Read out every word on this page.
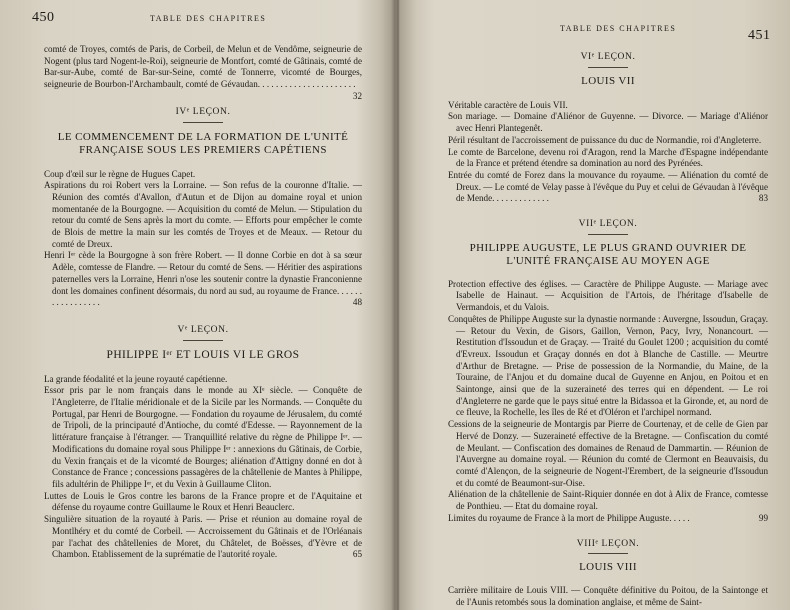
450	TABLE DES CHAPITRES

comté de Troyes, comtés de Paris, de Corbeil, de Melun et de Vendôme, seigneurie de Nogent (plus tard Nogent-le-Roi), seigneurie de Montfort, comté de Gâtinais, comté de Bar-sur-Aube, comté de Bar-sur-Seine, comté de Tonnerre, vicomté de Bourges, seigneurie de Bourbon-l'Archambault, comté de Gévaudan. . . . . . . . . . . . . . . . . . . . . .
32

IVᵉ LEÇON.

LE COMMENCEMENT DE LA FORMATION DE L'UNITÉ FRANÇAISE SOUS LES PREMIERS CAPÉTIENS

Coup d'œil sur le règne de Hugues Capet.

Aspirations du roi Robert vers la Lorraine. — Son refus de la couronne d'Italie. — Réunion des comtés d'Avallon, d'Autun et de Dijon au domaine royal et union momentanée de la Bourgogne. — Acquisition du comté de Melun. — Stipulation du retour du comté de Sens après la mort du comte. — Efforts pour empêcher le comte de Blois de mettre la main sur les comtés de Troyes et de Meaux. — Retour du comté de Dreux.

Henri Iᵉʳ cède la Bourgogne à son frère Robert. — Il donne Corbie en dot à sa sœur Adèle, comtesse de Flandre. — Retour du comté de Sens. — Héritier des aspirations paternelles vers la Lorraine, Henri n'ose les soutenir contre la dynastie Franconienne dont les domaines confinent désormais, du nord au sud, au royaume de France. . . . . . . . . . . . . . . . .	48

Vᵉ LEÇON.

PHILIPPE Iᵉʳ ET LOUIS VI LE GROS

La grande féodalité et la jeune royauté capétienne.

Essor pris par le nom français dans le monde au XIᵉ siècle. — Conquête de l'Angleterre, de l'Italie méridionale et de la Sicile par les Normands. — Conquête du Portugal, par Henri de Bourgogne. — Fondation du royaume de Jérusalem, du comté de Tripoli, de la principauté d'Antioche, du comté d'Edesse. — Rayonnement de la littérature française à l'étranger. — Tranquillité relative du règne de Philippe Iᵉʳ. — Modifications du domaine royal sous Philippe Iᵉʳ : annexions du Gâtinais, de Corbie, du Vexin français et de la vicomté de Bourges; aliénation d'Attigny donné en dot à Constance de France ; concessions passagères de la châtellenie de Mantes à Philippe, fils adultérin de Philippe Iᵉʳ, et du Vexin à Guillaume Cliton.

Luttes de Louis le Gros contre les barons de la France propre et de l'Aquitaine et défense du royaume contre Guillaume le Roux et Henri Beauclerc.

Singulière situation de la royauté à Paris. — Prise et réunion au domaine royal de Montlhéry et du comté de Corbeil. — Accroissement du Gâtinais et de l'Orléanais par l'achat des châtellenies de Moret, du Châtelet, de Boësses, d'Yèvre et de Chambon. Etablissement de la suprématie de l'autorité royale.	65

TABLE DES CHAPITRES	451

VIᵉ LEÇON.

LOUIS VII

Véritable caractère de Louis VII.

Son mariage. — Domaine d'Aliénor de Guyenne. — Divorce. — Mariage d'Aliénor avec Henri Plantegenêt.

Péril résultant de l'accroissement de puissance du duc de Normandie, roi d'Angleterre.

Le comte de Barcelone, devenu roi d'Aragon, rend la Marche d'Espagne indépendante de la France et prétend étendre sa domination au nord des Pyrénées.

Entrée du comté de Forez dans la mouvance du royaume. — Aliénation du comté de Dreux. — Le comté de Velay passe à l'évêque du Puy et celui de Gévaudan à l'évêque de Mende. . . . . . . . . . . . .	83

VIIᵉ LEÇON.

PHILIPPE AUGUSTE, LE PLUS GRAND OUVRIER DE L'UNITÉ FRANÇAISE AU MOYEN AGE

Protection effective des églises. — Caractère de Philippe Auguste. — Mariage avec Isabelle de Hainaut. — Acquisition de l'Artois, de l'héritage d'Isabelle de Vermandois, et du Valois.

Conquêtes de Philippe Auguste sur la dynastie normande : Auvergne, Issoudun, Graçay. — Retour du Vexin, de Gisors, Gaillon, Vernon, Pacy, Ivry, Nonancourt. — Restitution d'Issoudun et de Graçay. — Traité du Goulet 1200 ; acquisition du comté d'Evreux. Issoudun et Graçay donnés en dot à Blanche de Castille. — Meurtre d'Arthur de Bretagne. — Prise de possession de la Normandie, du Maine, de la Touraine, de l'Anjou et du domaine ducal de Guyenne en Anjou, en Poitou et en Saintonge, ainsi que de la suzeraineté des terres qui en dépendent. — Le roi d'Angleterre ne garde que le pays situé entre la Bidassoa et la Gironde, et, au nord de ce fleuve, la Rochelle, les îles de Ré et d'Oléron et l'archipel normand.

Cessions de la seigneurie de Montargis par Pierre de Courtenay, et de celle de Gien par Hervé de Donzy. — Suzeraineté effective de la Bretagne. — Confiscation du comté de Meulant. — Confiscation des domaines de Renaud de Dammartin. — Réunion de l'Auvergne au domaine royal. — Réunion du comté de Clermont en Beauvaisis, du comté d'Alençon, de la seigneurie de Nogent-l'Erembert, de la seigneurie d'Issoudun et du comté de Beaumont-sur-Oise.

Aliénation de la châtellenie de Saint-Riquier donnée en dot à Alix de France, comtesse de Ponthieu. — Etat du domaine royal.

Limites du royaume de France à la mort de Philippe Auguste. . . . .	99

VIIIᵉ LEÇON.

LOUIS VIII

Carrière militaire de Louis VIII. — Conquête définitive du Poitou, de la Saintonge et de l'Aunis retombés sous la domination anglaise, et même de Saint-
